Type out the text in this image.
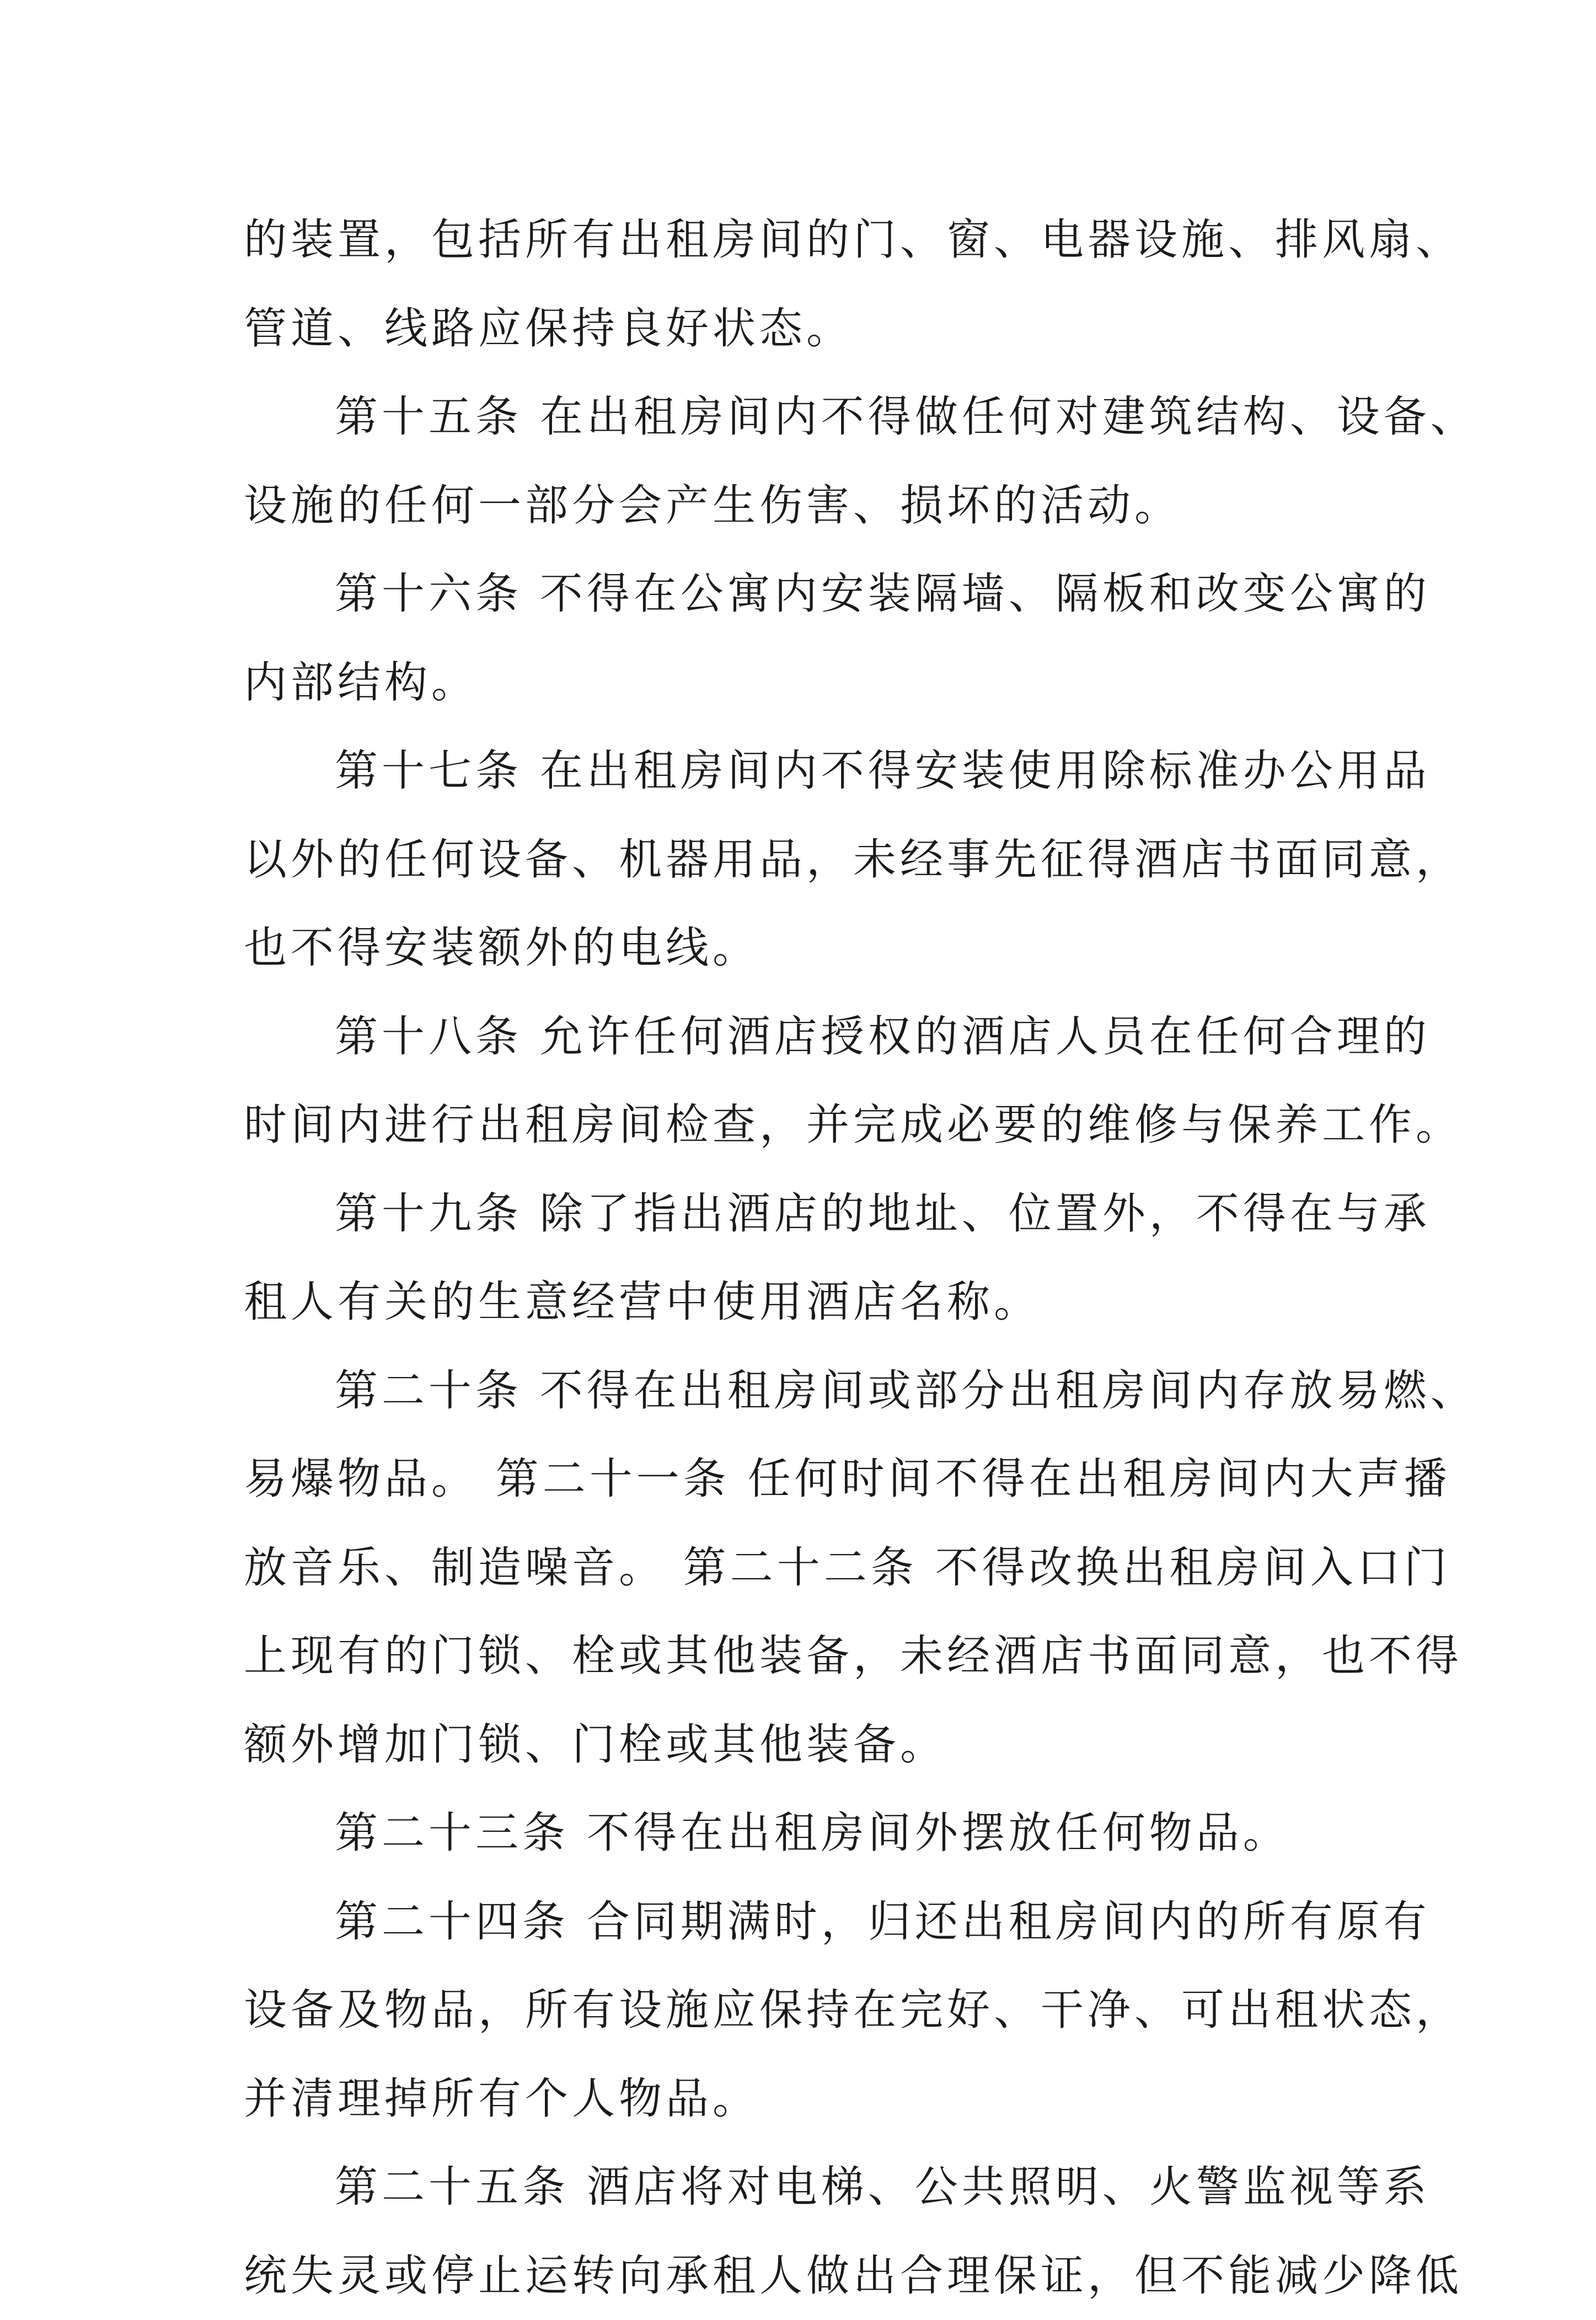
的装置，包括所有出租房间的门、窗、电器设施、排风扇、
管道、线路应保持良好状态。
第十五条 在出租房间内不得做任何对建筑结构、设备、
设施的任何一部分会产生伤害、损坏的活动。
第十六条 不得在公寓内安装隔墙、隔板和改变公寓的
内部结构。
第十七条 在出租房间内不得安装使用除标准办公用品
以外的任何设备、机器用品，未经事先征得酒店书面同意，
也不得安装额外的电线。
第十八条 允许任何酒店授权的酒店人员在任何合理的
时间内进行出租房间检查，并完成必要的维修与保养工作。
第十九条 除了指出酒店的地址、位置外，不得在与承
租人有关的生意经营中使用酒店名称。
第二十条 不得在出租房间或部分出租房间内存放易燃、
易爆物品。 第二十一条 任何时间不得在出租房间内大声播
放音乐、制造噪音。 第二十二条 不得改换出租房间入口门
上现有的门锁、栓或其他装备，未经酒店书面同意，也不得
额外增加门锁、门栓或其他装备。
第二十三条 不得在出租房间外摆放任何物品。
第二十四条 合同期满时，归还出租房间内的所有原有
设备及物品，所有设施应保持在完好、干净、可出租状态，
并清理掉所有个人物品。
第二十五条 酒店将对电梯、公共照明、火警监视等系
统失灵或停止运转向承租人做出合理保证，但不能减少降低
